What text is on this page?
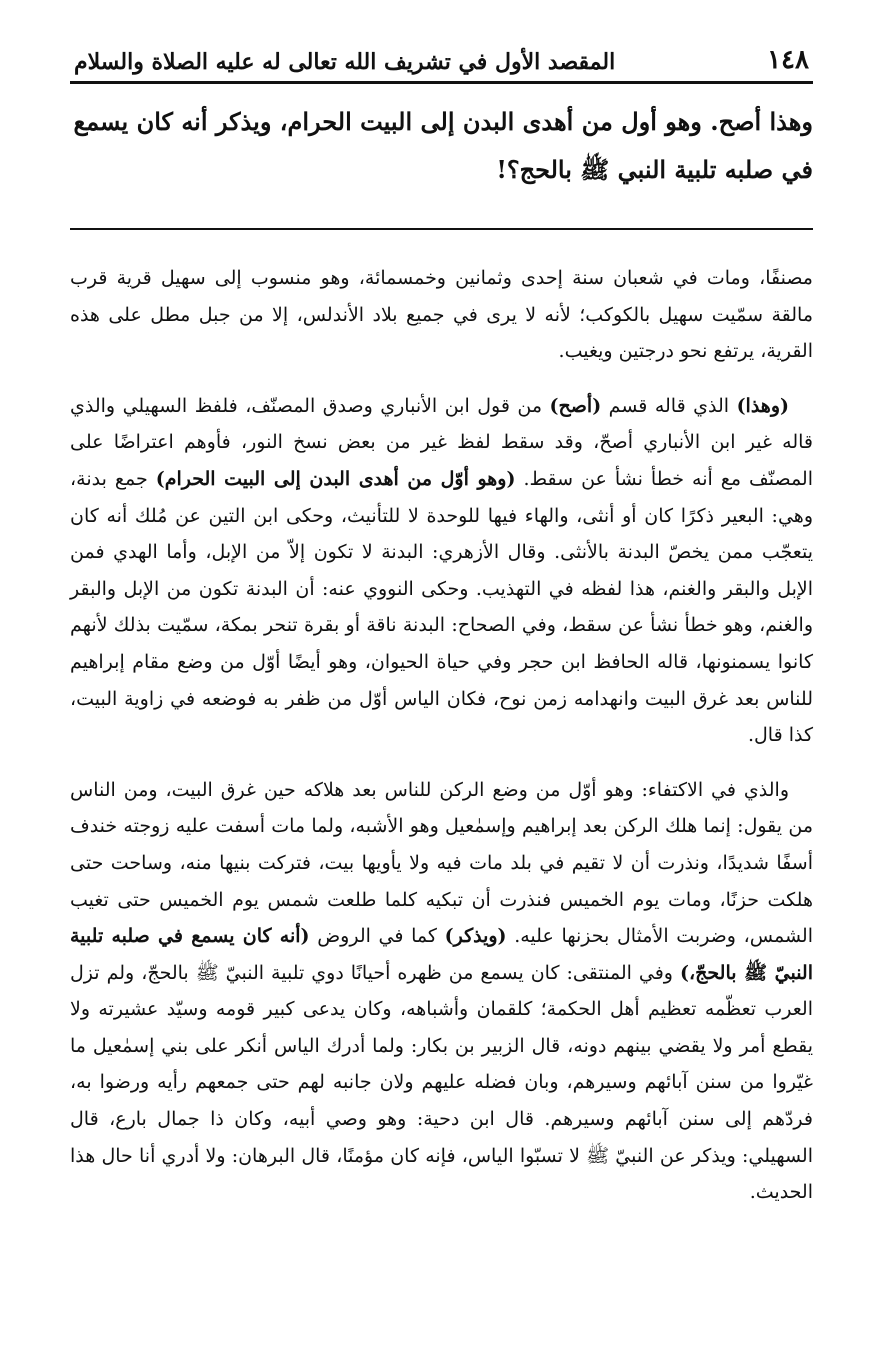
١٤٨
المقصد الأول في تشريف الله تعالى له عليه الصلاة والسلام

وهذا أصح. وهو أول من أهدى البدن إلى البيت الحرام، ويذكر أنه كان يسمع

في صلبه تلبية النبي ﷺ بالحج؟!

مصنفًا، ومات في شعبان سنة إحدى وثمانين وخمسمائة، وهو منسوب إلى سهيل قرية قرب مالقة سمّيت سهيل بالكوكب؛ لأنه لا يرى في جميع بلاد الأندلس، إلا من جبل مطل على هذه القرية، يرتفع نحو درجتين ويغيب.

(وهذا) الذي قاله قسم (أصح) من قول ابن الأنباري وصدق المصنّف، فلفظ السهيلي والذي قاله غير ابن الأنباري أصحّ، وقد سقط لفظ غير من بعض نسخ النور، فأوهم اعتراضًا على المصنّف مع أنه خطأ نشأ عن سقط. (وهو أوّل من أهدى البدن إلى البيت الحرام) جمع بدنة، وهي: البعير ذكرًا كان أو أنثى، والهاء فيها للوحدة لا للتأنيث، وحكى ابن التين عن مُلك أنه كان يتعجّب ممن يخصّ البدنة بالأنثى. وقال الأزهري: البدنة لا تكون إلاّ من الإبل، وأما الهدي فمن الإبل والبقر والغنم، هذا لفظه في التهذيب. وحكى النووي عنه: أن البدنة تكون من الإبل والبقر والغنم، وهو خطأ نشأ عن سقط، وفي الصحاح: البدنة ناقة أو بقرة تنحر بمكة، سمّيت بذلك لأنهم كانوا يسمنونها، قاله الحافظ ابن حجر وفي حياة الحيوان، وهو أيضًا أوّل من وضع مقام إبراهيم للناس بعد غرق البيت وانهدامه زمن نوح، فكان الياس أوّل من ظفر به فوضعه في زاوية البيت، كذا قال.

والذي في الاكتفاء: وهو أوّل من وضع الركن للناس بعد هلاكه حين غرق البيت، ومن الناس من يقول: إنما هلك الركن بعد إبراهيم وإسمٰعيل وهو الأشبه، ولما مات أسفت عليه زوجته خندف أسفًا شديدًا، ونذرت أن لا تقيم في بلد مات فيه ولا يأويها بيت، فتركت بنيها منه، وساحت حتى هلكت حزنًا، ومات يوم الخميس فنذرت أن تبكيه كلما طلعت شمس يوم الخميس حتى تغيب الشمس، وضربت الأمثال بحزنها عليه. (ويذكر) كما في الروض (أنه كان يسمع في صلبه تلبية النبيّ ﷺ بالحجّ،) وفي المنتقى: كان يسمع من ظهره أحيانًا دوي تلبية النبيّ ﷺ بالحجّ، ولم تزل العرب تعظّمه تعظيم أهل الحكمة؛ كلقمان وأشباهه، وكان يدعى كبير قومه وسيّد عشيرته ولا يقطع أمر ولا يقضي بينهم دونه، قال الزبير بن بكار: ولما أدرك الياس أنكر على بني إسمٰعيل ما غيّروا من سنن آبائهم وسيرهم، وبان فضله عليهم ولان جانبه لهم حتى جمعهم رأيه ورضوا به، فردّهم إلى سنن آبائهم وسيرهم. قال ابن دحية: وهو وصي أبيه، وكان ذا جمال بارع، قال السهيلي: ويذكر عن النبيّ ﷺ لا تسبّوا الياس، فإنه كان مؤمنًا، قال البرهان: ولا أدري أنا حال هذا الحديث.
